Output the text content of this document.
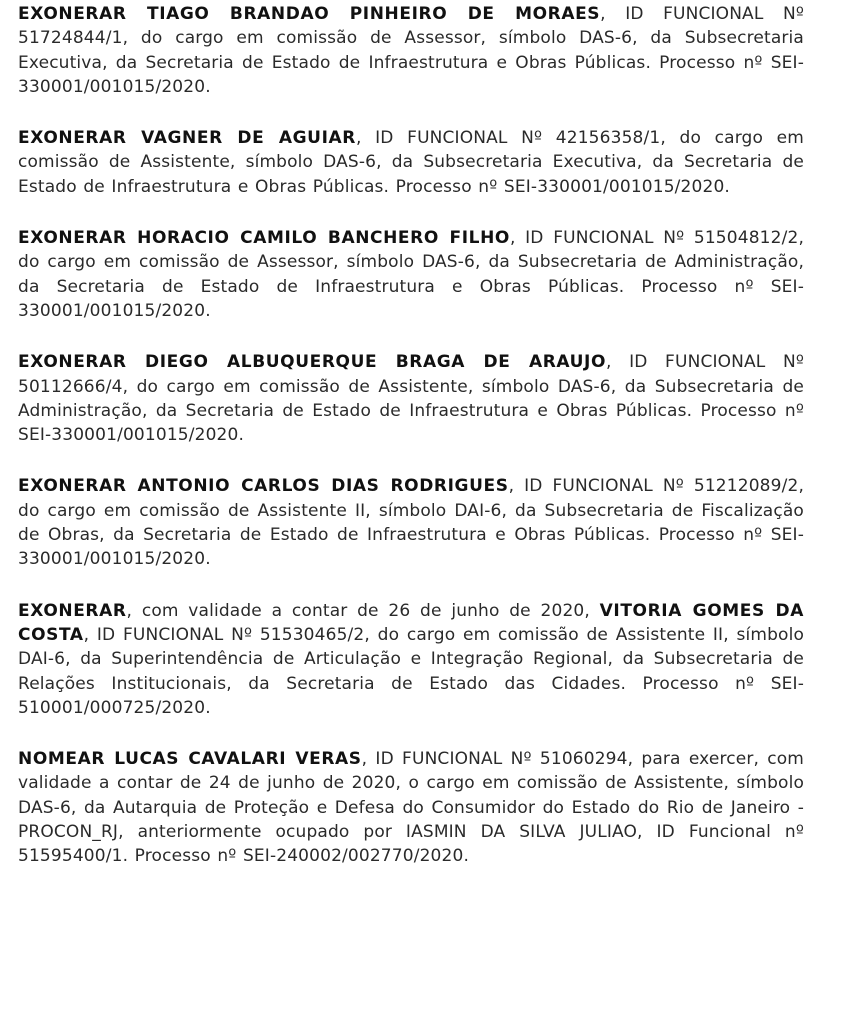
EXONERAR TIAGO BRANDAO PINHEIRO DE MORAES, ID FUNCIONAL Nº 51724844/1, do cargo em comissão de Assessor, símbolo DAS-6, da Subsecretaria Executiva, da Secretaria de Estado de Infraestrutura e Obras Públicas. Processo nº SEI-330001/001015/2020.

EXONERAR VAGNER DE AGUIAR, ID FUNCIONAL Nº 42156358/1, do cargo em comissão de Assistente, símbolo DAS-6, da Subsecretaria Executiva, da Secretaria de Estado de Infraestrutura e Obras Públicas. Processo nº SEI-330001/001015/2020.

EXONERAR HORACIO CAMILO BANCHERO FILHO, ID FUNCIONAL Nº 51504812/2, do cargo em comissão de Assessor, símbolo DAS-6, da Subsecretaria de Administração, da Secretaria de Estado de Infraestrutura e Obras Públicas. Processo nº SEI-330001/001015/2020.

EXONERAR DIEGO ALBUQUERQUE BRAGA DE ARAUJO, ID FUNCIONAL Nº 50112666/4, do cargo em comissão de Assistente, símbolo DAS-6, da Subsecretaria de Administração, da Secretaria de Estado de Infraestrutura e Obras Públicas. Processo nº SEI-330001/001015/2020.

EXONERAR ANTONIO CARLOS DIAS RODRIGUES, ID FUNCIONAL Nº 51212089/2, do cargo em comissão de Assistente II, símbolo DAI-6, da Subsecretaria de Fiscalização de Obras, da Secretaria de Estado de Infraestrutura e Obras Públicas. Processo nº SEI-330001/001015/2020.

EXONERAR, com validade a contar de 26 de junho de 2020, VITORIA GOMES DA COSTA, ID FUNCIONAL Nº 51530465/2, do cargo em comissão de Assistente II, símbolo DAI-6, da Superintendência de Articulação e Integração Regional, da Subsecretaria de Relações Institucionais, da Secretaria de Estado das Cidades. Processo nº SEI-510001/000725/2020.

NOMEAR LUCAS CAVALARI VERAS, ID FUNCIONAL Nº 51060294, para exercer, com validade a contar de 24 de junho de 2020, o cargo em comissão de Assistente, símbolo DAS-6, da Autarquia de Proteção e Defesa do Consumidor do Estado do Rio de Janeiro - PROCON_RJ, anteriormente ocupado por IASMIN DA SILVA JULIAO, ID Funcional nº 51595400/1. Processo nº SEI-240002/002770/2020.
